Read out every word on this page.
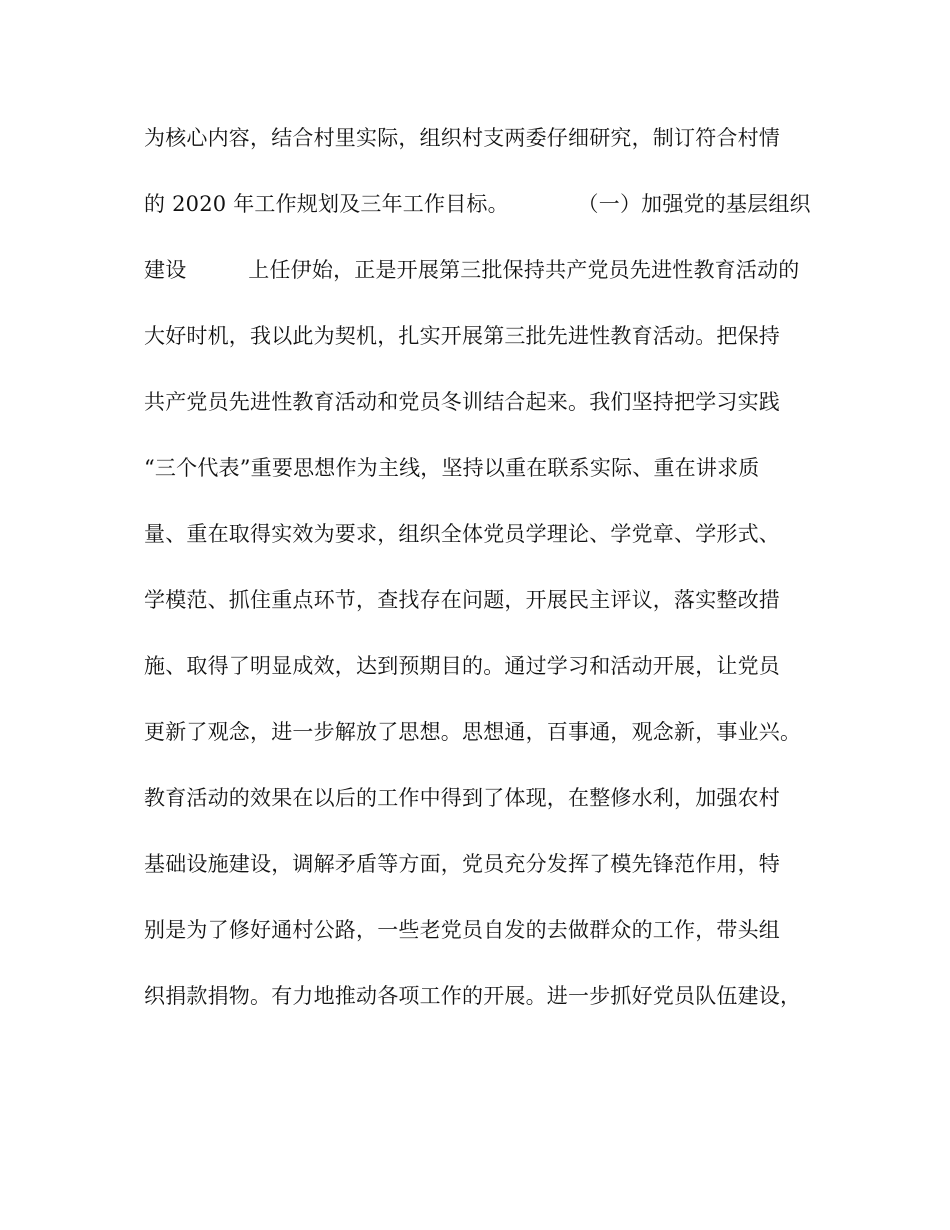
为核心内容，结合村里实际，组织村支两委仔细研究，制订符合村情
的 2020 年工作规划及三年工作目标。          （一）加强党的基层组织
建设         上任伊始，正是开展第三批保持共产党员先进性教育活动的
大好时机，我以此为契机，扎实开展第三批先进性教育活动。把保持
共产党员先进性教育活动和党员冬训结合起来。我们坚持把学习实践
“三个代表”重要思想作为主线，坚持以重在联系实际、重在讲求质
量、重在取得实效为要求，组织全体党员学理论、学党章、学形式、
学模范、抓住重点环节，查找存在问题，开展民主评议，落实整改措
施、取得了明显成效，达到预期目的。通过学习和活动开展，让党员
更新了观念，进一步解放了思想。思想通，百事通，观念新，事业兴。
教育活动的效果在以后的工作中得到了体现，在整修水利，加强农村
基础设施建设，调解矛盾等方面，党员充分发挥了模先锋范作用，特
别是为了修好通村公路，一些老党员自发的去做群众的工作，带头组
织捐款捐物。有力地推动各项工作的开展。进一步抓好党员队伍建设，
